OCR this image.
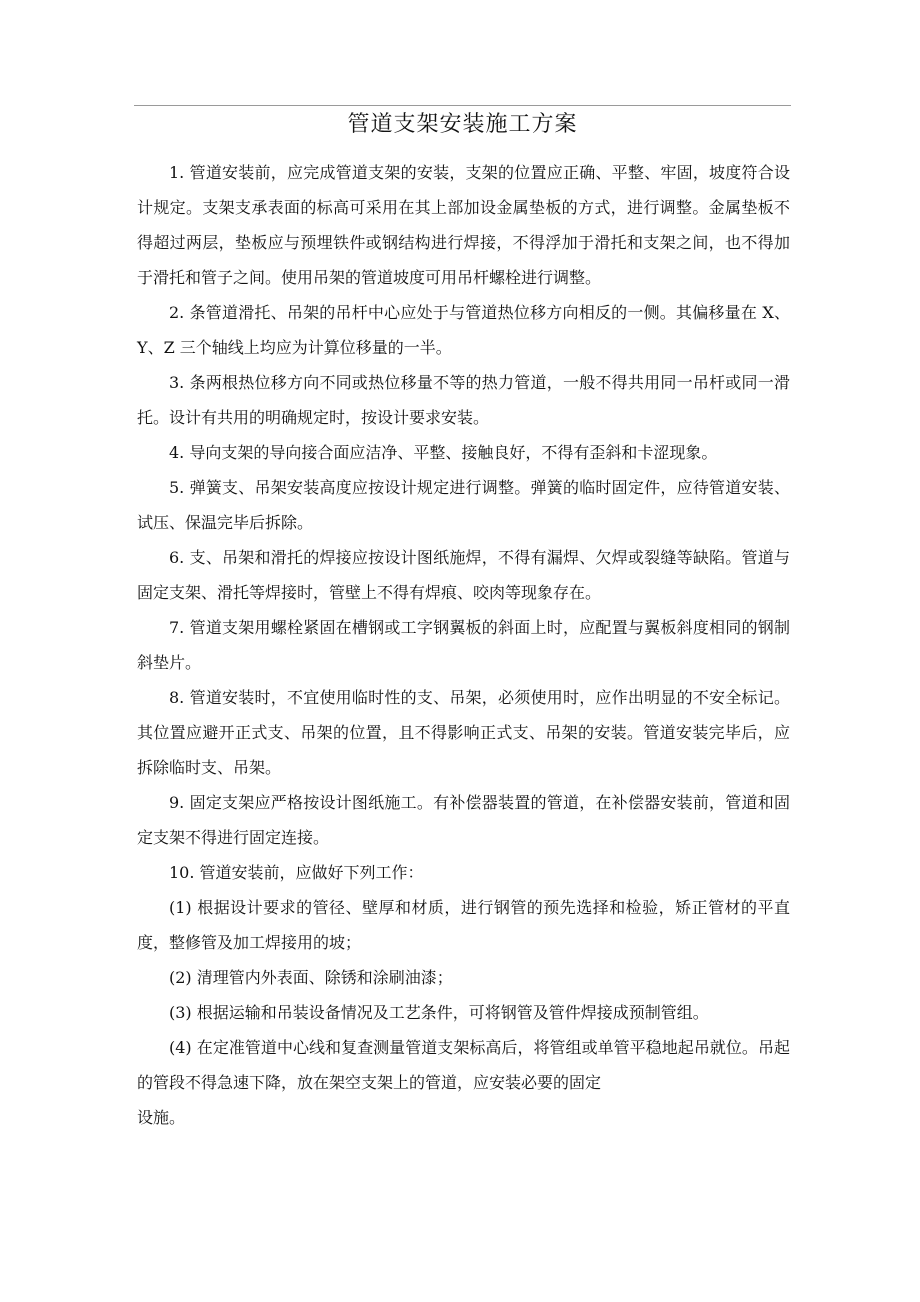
管道支架安装施工方案

1. 管道安装前，应完成管道支架的安装，支架的位置应正确、平整、牢固，坡度符合设计规定。支架支承表面的标高可采用在其上部加设金属垫板的方式，进行调整。金属垫板不得超过两层，垫板应与预埋铁件或钢结构进行焊接，不得浮加于滑托和支架之间，也不得加于滑托和管子之间。使用吊架的管道坡度可用吊杆螺栓进行调整。

2. 条管道滑托、吊架的吊杆中心应处于与管道热位移方向相反的一侧。其偏移量在 X、Y、Z 三个轴线上均应为计算位移量的一半。

3. 条两根热位移方向不同或热位移量不等的热力管道，一般不得共用同一吊杆或同一滑托。设计有共用的明确规定时，按设计要求安装。

4. 导向支架的导向接合面应洁净、平整、接触良好，不得有歪斜和卡涩现象。

5. 弹簧支、吊架安装高度应按设计规定进行调整。弹簧的临时固定件，应待管道安装、试压、保温完毕后拆除。

6. 支、吊架和滑托的焊接应按设计图纸施焊，不得有漏焊、欠焊或裂缝等缺陷。管道与固定支架、滑托等焊接时，管壁上不得有焊痕、咬肉等现象存在。

7. 管道支架用螺栓紧固在槽钢或工字钢翼板的斜面上时，应配置与翼板斜度相同的钢制斜垫片。

8. 管道安装时，不宜使用临时性的支、吊架，必须使用时，应作出明显的不安全标记。其位置应避开正式支、吊架的位置，且不得影响正式支、吊架的安装。管道安装完毕后，应拆除临时支、吊架。

9. 固定支架应严格按设计图纸施工。有补偿器装置的管道，在补偿器安装前，管道和固定支架不得进行固定连接。

10. 管道安装前，应做好下列工作：

(1) 根据设计要求的管径、壁厚和材质，进行钢管的预先选择和检验，矫正管材的平直度，整修管及加工焊接用的坡；

(2) 清理管内外表面、除锈和涂刷油漆；

(3) 根据运输和吊装设备情况及工艺条件，可将钢管及管件焊接成预制管组。

(4) 在定准管道中心线和复查测量管道支架标高后，将管组或单管平稳地起吊就位。吊起的管段不得急速下降，放在架空支架上的管道，应安装必要的固定

设施。
